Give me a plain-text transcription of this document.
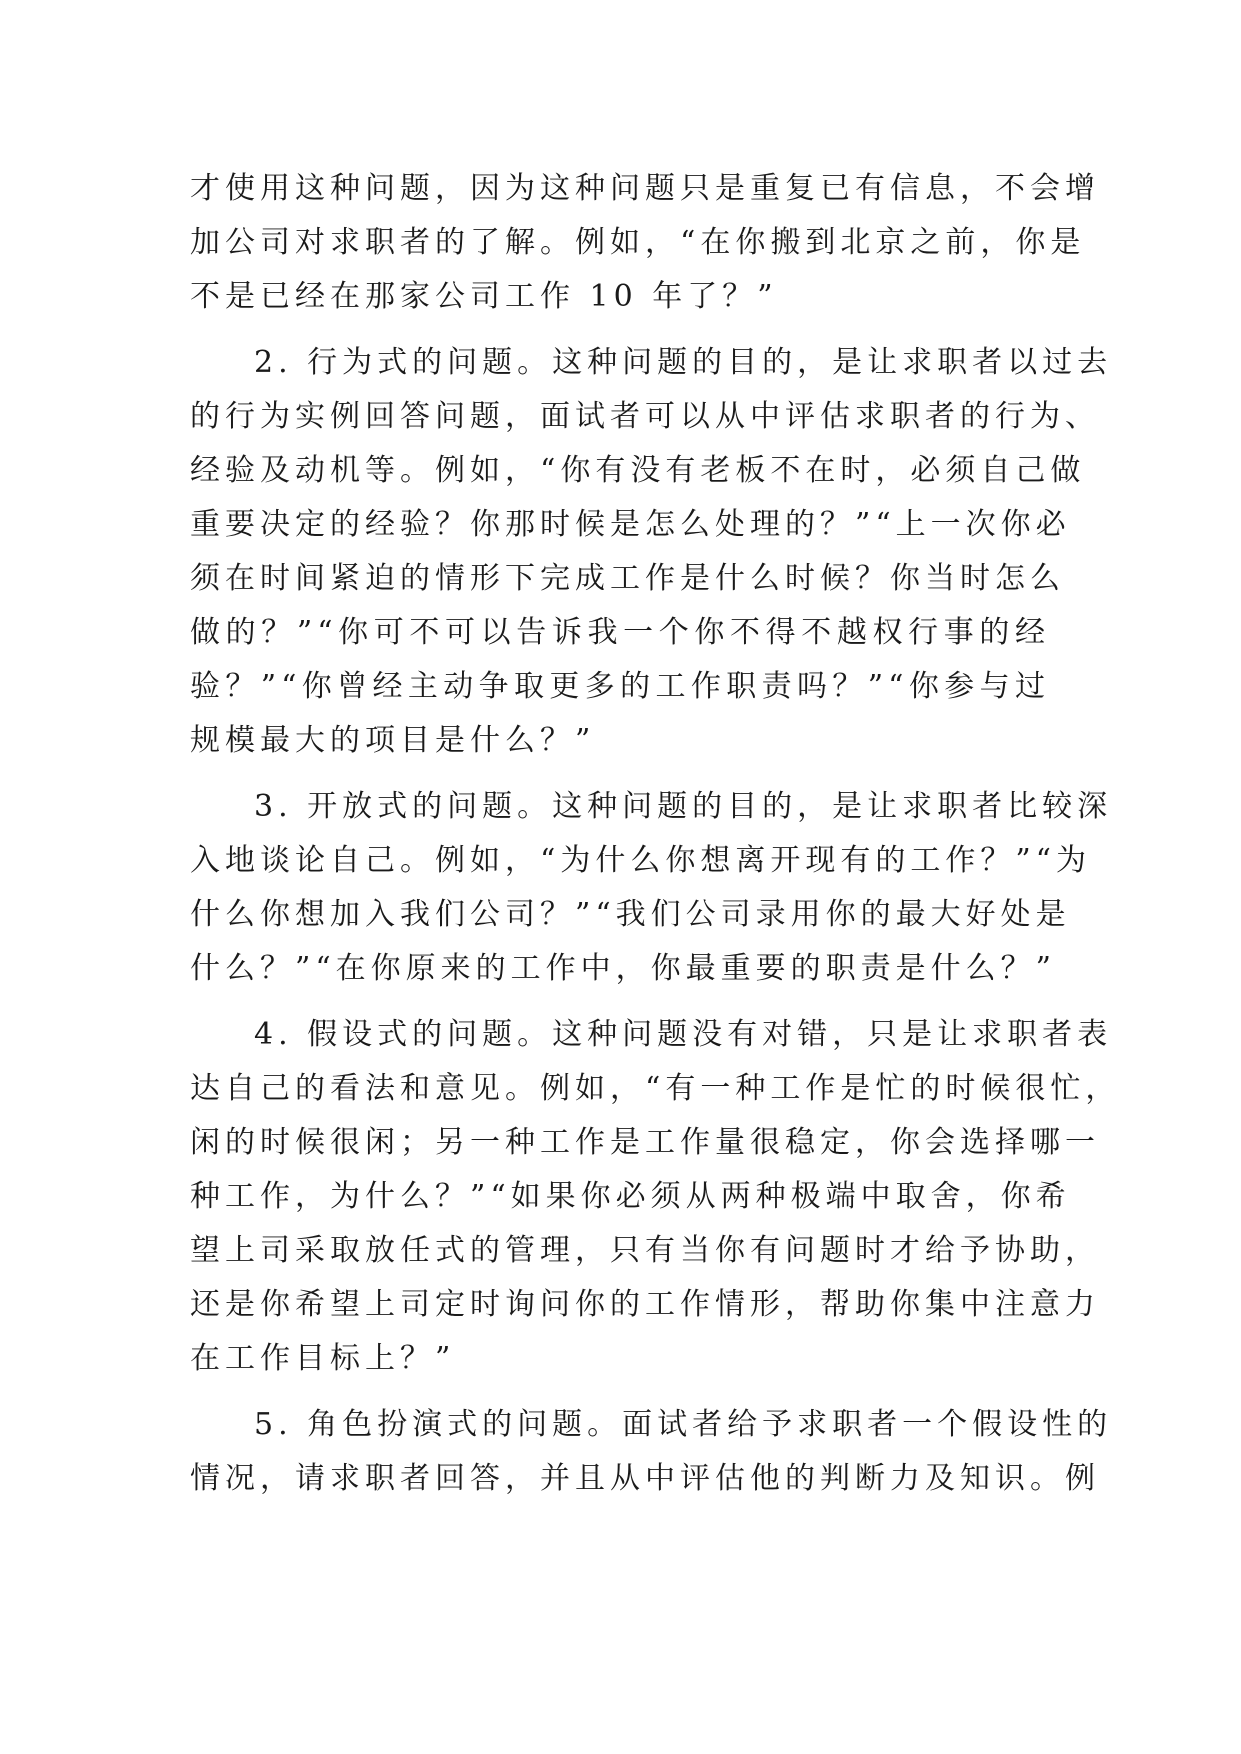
才使用这种问题，因为这种问题只是重复已有信息，不会增
加公司对求职者的了解。例如，“在你搬到北京之前，你是
不是已经在那家公司工作 10 年了？”
2. 行为式的问题。这种问题的目的，是让求职者以过去
的行为实例回答问题，面试者可以从中评估求职者的行为、
经验及动机等。例如，“你有没有老板不在时，必须自己做
重要决定的经验？你那时候是怎么处理的？”“上一次你必
须在时间紧迫的情形下完成工作是什么时候？你当时怎么
做的？”“你可不可以告诉我一个你不得不越权行事的经
验？”“你曾经主动争取更多的工作职责吗？”“你参与过
规模最大的项目是什么？”
3. 开放式的问题。这种问题的目的，是让求职者比较深
入地谈论自己。例如，“为什么你想离开现有的工作？”“为
什么你想加入我们公司？”“我们公司录用你的最大好处是
什么？”“在你原来的工作中，你最重要的职责是什么？”
4. 假设式的问题。这种问题没有对错，只是让求职者表
达自己的看法和意见。例如，“有一种工作是忙的时候很忙，
闲的时候很闲；另一种工作是工作量很稳定，你会选择哪一
种工作，为什么？”“如果你必须从两种极端中取舍，你希
望上司采取放任式的管理，只有当你有问题时才给予协助，
还是你希望上司定时询问你的工作情形，帮助你集中注意力
在工作目标上？”
5. 角色扮演式的问题。面试者给予求职者一个假设性的
情况，请求职者回答，并且从中评估他的判断力及知识。例
